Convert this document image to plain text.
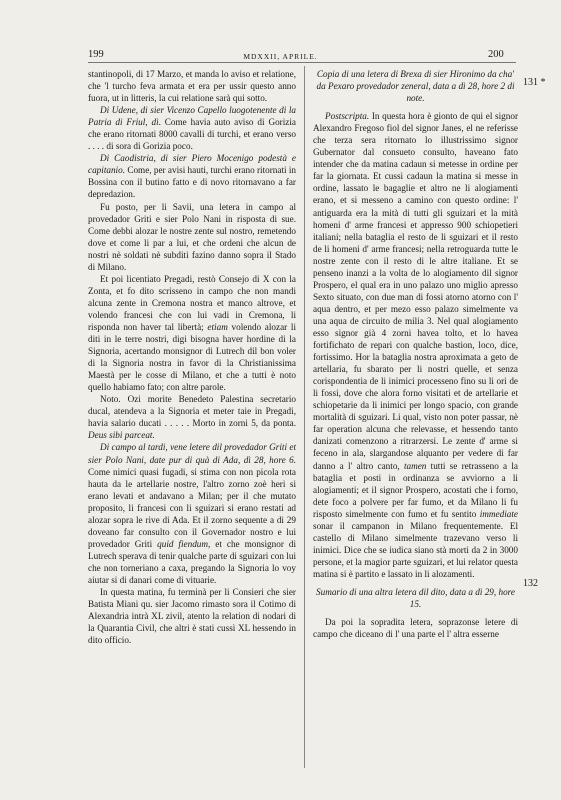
199	MDXXII, APRILE.	200

stantinopoli, di 17 Marzo, et manda lo aviso et relatione, che 'l turcho feva armata et era per ussir questo anno fuora, ut in litteris, la cui relatione sarà qui sotto.

Di Udene, di sier Vicenzo Capello luogotenente di la Patria di Friul, dì. Come havia auto aviso di Gorizia che erano ritornati 8000 cavalli di turchi, et erano verso . . . . di sora di Gorizia poco.

Di Caodistria, di sier Piero Mocenigo podestà e capitanio. Come, per avisi hauti, turchi erano ritornati in Bossina con il butino fatto e di novo ritornavano a far depredazion.

Fu posto, per li Savii, una letera in campo al provedador Griti e sier Polo Nani in risposta di sue. Come debbi alozar le nostre zente sul nostro, remetendo dove et come li par a lui, et che ordeni che alcun de nostri nè soldati nè subditi fazino danno sopra il Stado di Milano.

Et poi licentiato Pregadi, restò Consejo di X con la Zonta, et fo dito scrisseno in campo che non mandi alcuna zente in Cremona nostra et manco altrove, et volendo francesi che con lui vadi in Cremona, li risponda non haver tal libertà; etiam volendo alozar li diti in le terre nostri, digi bisogna haver hordine di la Signoria, acertando monsignor di Lutrech dil bon voler di la Signoria nostra in favor di la Christianissima Maestà per le cosse di Milano, et che a tutti è noto quello habiamo fato; con altre parole.

Noto. Ozi morite Benedeto Palestina secretario ducal, atendeva a la Signoria et meter taie in Pregadi, havia salario ducati . . . . . Morto in zorni 5, da ponta. Deus sibi parceat.

Di campo al tardi, vene letere dil provedador Griti et sier Polo Nani, date pur di quà di Ada, dì 28, hore 6. Come nimici quasi fugadi, si stima con non picola rota hauta da le artellarie nostre, l'altro zorno zoè heri si erano levati et andavano a Milan; per il che mutato proposito, li francesi con li sguizari si erano restati ad alozar sopra le rive di Ada. Et il zorno sequente a dì 29 doveano far consulto con il Governador nostro e lui provedador Griti quid fiendum, et che monsignor di Lutrech sperava di tenir qualche parte di sguizari con lui che non torneriano a caxa, pregando la Signoria lo voy aiutar si di danari come di vituarie.

In questa matina, fu terminà per li Consieri che sier Batista Miani qu. sier Jacomo rimasto sora il Cotimo di Alexandria intrà XL zivil, atento la relation di nodari di la Quarantia Civil, che altri è stati cussì XL hessendo in dito officio.

Copia di una letera di Brexa di sier Hironimo da cha' da Pexaro provedador zeneral, data a dì 28, hore 2 di note.

Postscripta. In questa hora è gionto de qui el signor Alexandro Fregoso fiol del signor Janes, el ne referisse che terza sera ritornato lo illustrissimo signor Gubernator dal consueto consulto, haveano fato intender che da matina cadaun si metesse in ordine per far la giornata. Et cussì cadaun la matina si messe in ordine, lassato le bagaglie et altro ne li alogiamenti erano, et si messeno a camino con questo ordine: l' antiguarda era la mità di tutti gli sguizari et la mità homeni d' arme francesi et appresso 900 schiopetieri italiani; nella bataglia el resto de li sguizari et il resto de li homeni d' arme francesi; nella retroguarda tutte le nostre zente con il resto di le altre italiane. Et se penseno inanzi a la volta de lo alogiamento dil signor Prospero, el qual era in uno palazo uno miglio apresso Sexto situato, con due man di fossi atorno atorno con l' aqua dentro, et per mezo esso palazo simelmente va una aqua de circuito de milia 3. Nel qual alogiamento esso signor già 4 zorni havea tolto, et lo havea fortifichato de repari con qualche bastion, loco, dice, fortissimo. Hor la bataglia nostra aproximata a geto de artellaria, fu sbarato per li nostri quelle, et senza corispondentia de li inimici processeno fino su li ori de li fossi, dove che alora forno visitati et de artellarie et schiopetarie da li inimici per longo spacio, con grande mortalità di sguizari. Li qual, visto non poter passar, nè far operation alcuna che relevasse, et hessendo tanto danizati comenzono a ritrarzersi. Le zente d' arme si feceno in ala, slargandose alquanto per vedere di far danno a l' altro canto, tamen tutti se retrasseno a la bataglia et posti in ordinanza se avviorno a li alogiamenti; et il signor Prospero, acostati che i forno, dete foco a polvere per far fumo, et da Milano li fu risposto simelmente con fumo et fu sentito immediate sonar il campanon in Milano frequentemente. El castello di Milano simelmente trazevano verso li inimici. Dice che se iudica siano stà morti da 2 in 3000 persone, et la magior parte sguizari, et lui relator questa matina si è partito e lassato in li alozamenti.

Sumario di una altra letera dil dito, data a dì 29, hore 15.

Da poi la sopradita letera, soprazonse letere di campo che diceano di l' una parte el l' altra esserne

131 *
132
